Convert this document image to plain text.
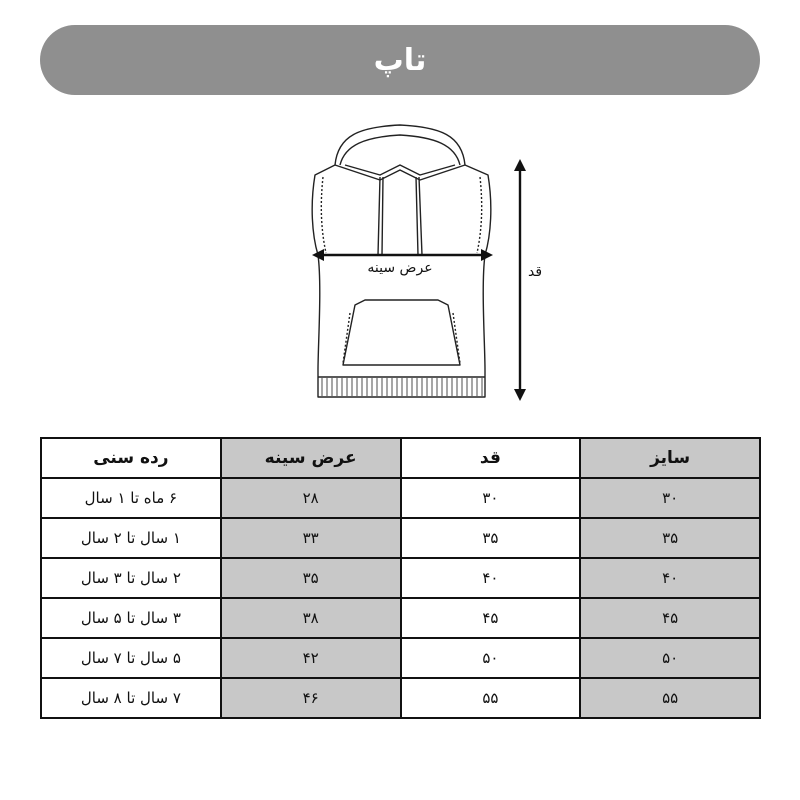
تاپ
عرض سینه	قد
سایز	قد	عرض سینه	رده سنی
۳۰	۳۰	۲۸	۶ ماه تا ۱ سال
۳۵	۳۵	۳۳	۱ سال تا ۲ سال
۴۰	۴۰	۳۵	۲ سال تا ۳ سال
۴۵	۴۵	۳۸	۳ سال تا ۵ سال
۵۰	۵۰	۴۲	۵ سال تا ۷ سال
۵۵	۵۵	۴۶	۷ سال تا ۸ سال
